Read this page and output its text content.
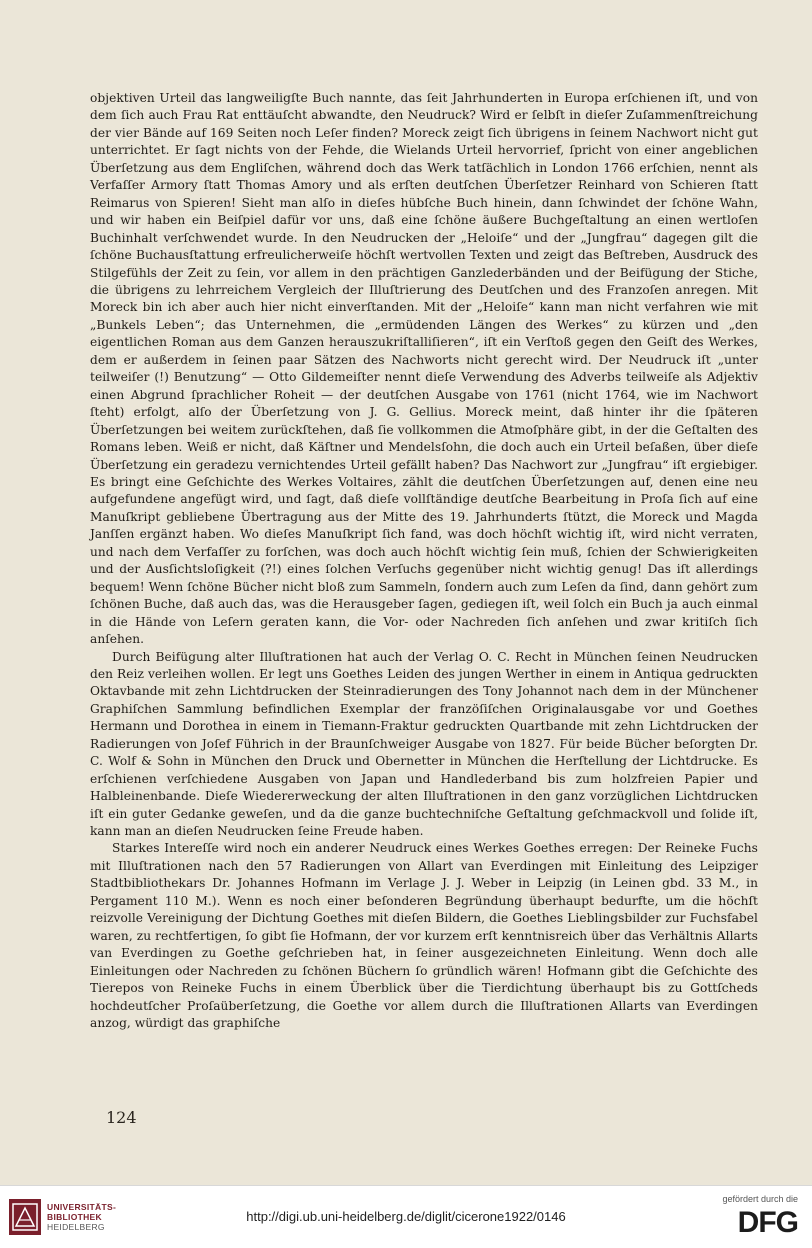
objektiven Urteil das langweiligſte Buch nannte, das ſeit Jahrhunderten in Europa erſchienen iſt, und von dem ſich auch Frau Rat enttäuſcht abwandte, den Neudruck? Wird er ſelbſt in dieſer Zuſammenſtreichung der vier Bände auf 169 Seiten noch Leſer finden? Moreck zeigt ſich übrigens in ſeinem Nachwort nicht gut unterrichtet. Er ſagt nichts von der Fehde, die Wielands Urteil hervorrief, ſpricht von einer angeblichen Überſetzung aus dem Engliſchen, während doch das Werk tatſächlich in London 1766 erſchien, nennt als Verfaſſer Armory ſtatt Thomas Amory und als erſten deutſchen Überſetzer Reinhard von Schieren ſtatt Reimarus von Spieren! Sieht man alſo in dieſes hübſche Buch hinein, dann ſchwindet der ſchöne Wahn, und wir haben ein Beiſpiel dafür vor uns, daß eine ſchöne äußere Buchgeſtaltung an einen wertloſen Buchinhalt verſchwendet wurde. In den Neudrucken der „Heloiſe“ und der „Jungfrau“ dagegen gilt die ſchöne Buchausſtattung erfreulicherweiſe höchſt wertvollen Texten und zeigt das Beſtreben, Ausdruck des Stilgefühls der Zeit zu ſein, vor allem in den prächtigen Ganzlederbänden und der Beifügung der Stiche, die übrigens zu lehrreichem Vergleich der Illuſtrierung des Deutſchen und des Franzoſen anregen. Mit Moreck bin ich aber auch hier nicht einverſtanden. Mit der „Heloiſe“ kann man nicht verfahren wie mit „Bunkels Leben“; das Unternehmen, die „ermüdenden Längen des Werkes“ zu kürzen und „den eigentlichen Roman aus dem Ganzen herauszukriſtalliſieren“, iſt ein Verſtoß gegen den Geiſt des Werkes, dem er außerdem in ſeinen paar Sätzen des Nachworts nicht gerecht wird. Der Neudruck iſt „unter teilweiſer (!) Benutzung“ — Otto Gildemeiſter nennt dieſe Verwendung des Adverbs teilweiſe als Adjektiv einen Abgrund ſprachlicher Roheit — der deutſchen Ausgabe von 1761 (nicht 1764, wie im Nachwort ſteht) erfolgt, alſo der Überſetzung von J. G. Gellius. Moreck meint, daß hinter ihr die ſpäteren Überſetzungen bei weitem zurückſtehen, daß ſie vollkommen die Atmoſphäre gibt, in der die Geſtalten des Romans leben. Weiß er nicht, daß Käſtner und Mendelsſohn, die doch auch ein Urteil beſaßen, über dieſe Überſetzung ein geradezu vernichtendes Urteil gefällt haben? Das Nachwort zur „Jungfrau“ iſt ergiebiger. Es bringt eine Geſchichte des Werkes Voltaires, zählt die deutſchen Überſetzungen auf, denen eine neu aufgefundene angefügt wird, und ſagt, daß dieſe vollſtändige deutſche Bearbeitung in Proſa ſich auf eine Manuſkript gebliebene Übertragung aus der Mitte des 19. Jahrhunderts ſtützt, die Moreck und Magda Janſſen ergänzt haben. Wo dieſes Manuſkript ſich fand, was doch höchſt wichtig iſt, wird nicht verraten, und nach dem Verfaſſer zu forſchen, was doch auch höchſt wichtig ſein muß, ſchien der Schwierigkeiten und der Ausſichtsloſigkeit (?!) eines ſolchen Verſuchs gegenüber nicht wichtig genug! Das iſt allerdings bequem! Wenn ſchöne Bücher nicht bloß zum Sammeln, ſondern auch zum Leſen da ſind, dann gehört zum ſchönen Buche, daß auch das, was die Herausgeber ſagen, gediegen iſt, weil ſolch ein Buch ja auch einmal in die Hände von Leſern geraten kann, die Vor- oder Nachreden ſich anſehen und zwar kritiſch ſich anſehen.

Durch Beifügung alter Illuſtrationen hat auch der Verlag O. C. Recht in München ſeinen Neudrucken den Reiz verleihen wollen. Er legt uns Goethes Leiden des jungen Werther in einem in Antiqua gedruckten Oktavbande mit zehn Lichtdrucken der Steinradierungen des Tony Johannot nach dem in der Münchener Graphiſchen Sammlung befindlichen Exemplar der franzöſiſchen Originalausgabe vor und Goethes Hermann und Dorothea in einem in Tiemann-Fraktur gedruckten Quartbande mit zehn Lichtdrucken der Radierungen von Joſef Führich in der Braunſchweiger Ausgabe von 1827. Für beide Bücher beſorgten Dr. C. Wolf & Sohn in München den Druck und Obernetter in München die Herſtellung der Lichtdrucke. Es erſchienen verſchiedene Ausgaben von Japan und Handlederband bis zum holzfreien Papier und Halbleinenbande. Dieſe Wiedererweckung der alten Illuſtrationen in den ganz vorzüglichen Lichtdrucken iſt ein guter Gedanke geweſen, und da die ganze buchtechniſche Geſtaltung geſchmackvoll und ſolide iſt, kann man an dieſen Neudrucken ſeine Freude haben.

Starkes Intereſſe wird noch ein anderer Neudruck eines Werkes Goethes erregen: Der Reineke Fuchs mit Illuſtrationen nach den 57 Radierungen von Allart van Everdingen mit Einleitung des Leipziger Stadtbibliothekars Dr. Johannes Hofmann im Verlage J. J. Weber in Leipzig (in Leinen gbd. 33 M., in Pergament 110 M.). Wenn es noch einer beſonderen Begründung überhaupt bedurfte, um die höchſt reizvolle Vereinigung der Dichtung Goethes mit dieſen Bildern, die Goethes Lieblingsbilder zur Fuchsfabel waren, zu rechtfertigen, ſo gibt ſie Hofmann, der vor kurzem erſt kenntnisreich über das Verhältnis Allarts van Everdingen zu Goethe geſchrieben hat, in ſeiner ausgezeichneten Einleitung. Wenn doch alle Einleitungen oder Nachreden zu ſchönen Büchern ſo gründlich wären! Hofmann gibt die Geſchichte des Tierepos von Reineke Fuchs in einem Überblick über die Tierdichtung überhaupt bis zu Gottſcheds hochdeutſcher Proſaüberſetzung, die Goethe vor allem durch die Illuſtrationen Allarts van Everdingen anzog, würdigt das graphiſche

124
UNIVERSITÄTS-
BIBLIOTHEK
HEIDELBERG
http://digi.ub.uni-heidelberg.de/diglit/cicerone1922/0146
gefördert durch die
DFG
